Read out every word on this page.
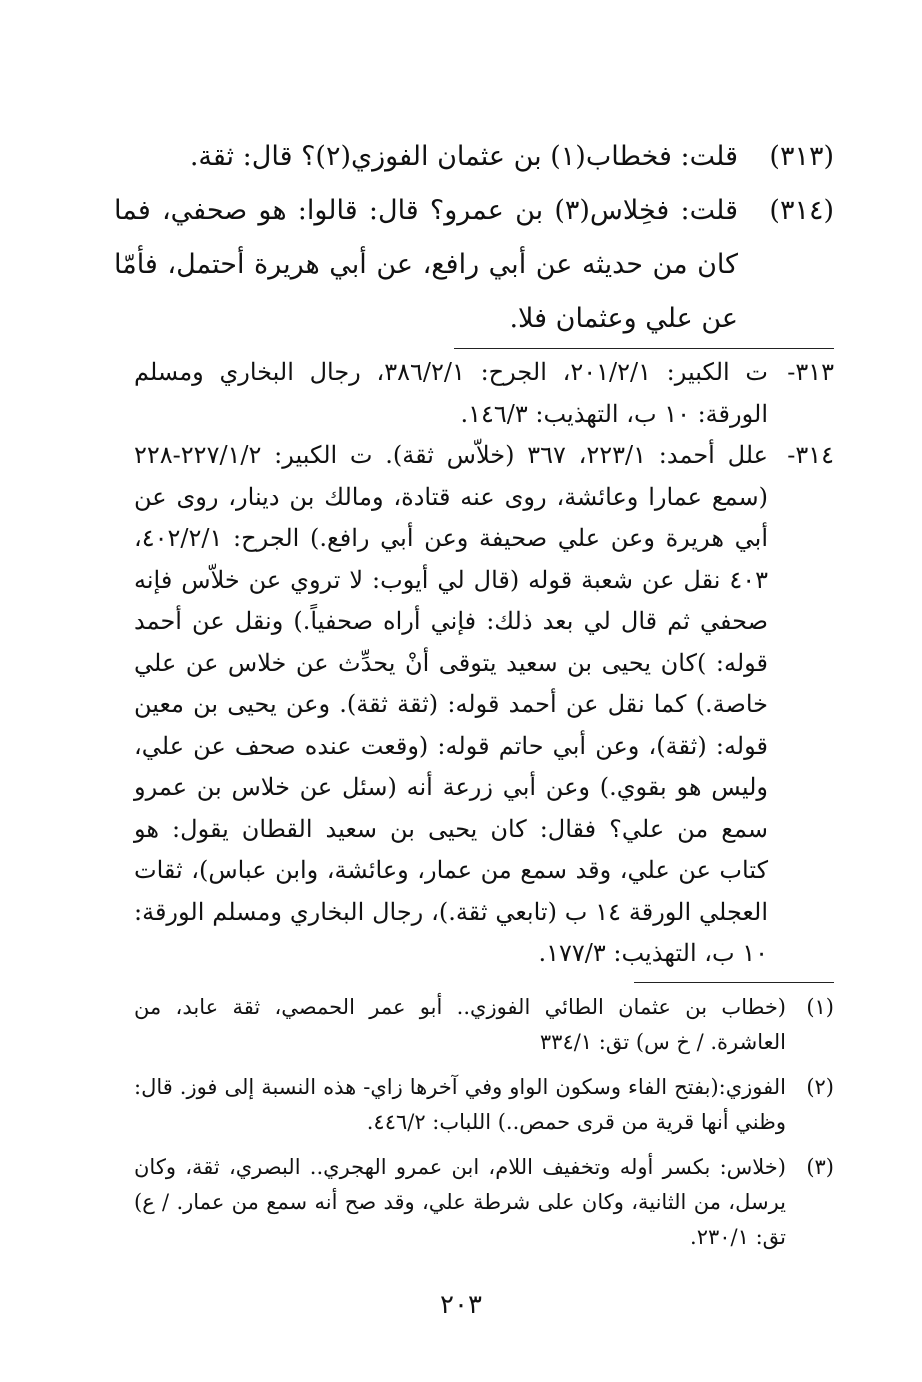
(٣١٣)
قلت: فخطاب(١) بن عثمان الفوزي(٢)؟ قال: ثقة.
(٣١٤)
قلت: فخِلاس(٣) بن عمرو؟ قال: قالوا: هو صحفي، فما كان من حديثه عن أبي رافع، عن أبي هريرة أحتمل، فأمّا عن علي وعثمان فلا.
٣١٣-
ت الكبير: ٢٠١/٢/١، الجرح: ٣٨٦/٢/١، رجال البخاري ومسلم الورقة: ١٠ ب، التهذيب: ١٤٦/٣.
٣١٤-
علل أحمد: ٢٢٣/١، ٣٦٧ (خلاّس ثقة). ت الكبير: ٢٢٧/١/٢-٢٢٨ (سمع عمارا وعائشة، روى عنه قتادة، ومالك بن دينار، روى عن أبي هريرة وعن علي صحيفة وعن أبي رافع.) الجرح: ٤٠٢/٢/١، ٤٠٣ نقل عن شعبة قوله (قال لي أيوب: لا تروي عن خلاّس فإنه صحفي ثم قال لي بعد ذلك: فإني أراه صحفياً.) ونقل عن أحمد قوله: )كان يحيى بن سعيد يتوقى أنْ يحدِّث عن خلاس عن علي خاصة.) كما نقل عن أحمد قوله: (ثقة ثقة). وعن يحيى بن معين قوله: (ثقة)، وعن أبي حاتم قوله: (وقعت عنده صحف عن علي، وليس هو بقوي.) وعن أبي زرعة أنه (سئل عن خلاس بن عمرو سمع من علي؟ فقال: كان يحيى بن سعيد القطان يقول: هو كتاب عن علي، وقد سمع من عمار، وعائشة، وابن عباس)، ثقات العجلي الورقة ١٤ ب (تابعي ثقة.)، رجال البخاري ومسلم الورقة: ١٠ ب، التهذيب: ١٧٧/٣.
(١)
(خطاب بن عثمان الطائي الفوزي.. أبو عمر الحمصي، ثقة عابد، من العاشرة. / خ س) تق: ٣٣٤/١
(٢)
الفوزي:(بفتح الفاء وسكون الواو وفي آخرها زاي- هذه النسبة إلى فوز. قال: وظني أنها قرية من قرى حمص..) اللباب: ٤٤٦/٢.
(٣)
(خلاس: بكسر أوله وتخفيف اللام، ابن عمرو الهجري.. البصري، ثقة، وكان يرسل، من الثانية، وكان على شرطة علي، وقد صح أنه سمع من عمار. / ع) تق: ٢٣٠/١.
٢٠٣
